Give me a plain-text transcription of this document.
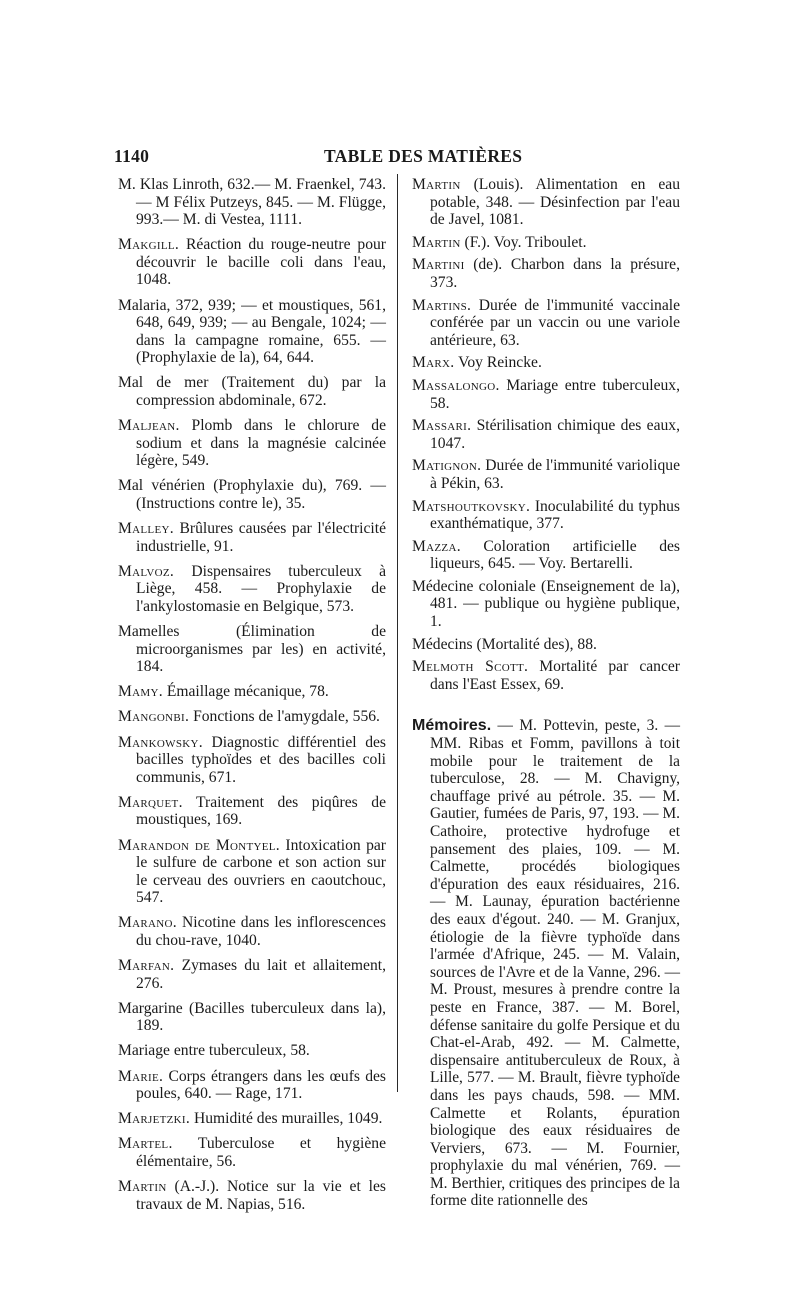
1140	TABLE DES MATIÈRES
M. Klas Linroth, 632.— M. Fraenkel, 743. — M Félix Putzeys, 845. — M. Flügge, 993.— M. di Vestea, 1111.
Makgill. Réaction du rouge-neutre pour découvrir le bacille coli dans l'eau, 1048.
Malaria, 372, 939; — et moustiques, 561, 648, 649, 939; — au Bengale, 1024; — dans la campagne romaine, 655. — (Prophylaxie de la), 64, 644.
Mal de mer (Traitement du) par la compression abdominale, 672.
Maljean. Plomb dans le chlorure de sodium et dans la magnésie calcinée légère, 549.
Mal vénérien (Prophylaxie du), 769. — (Instructions contre le), 35.
Malley. Brûlures causées par l'électricité industrielle, 91.
Malvoz. Dispensaires tuberculeux à Liège, 458. — Prophylaxie de l'ankylostomasie en Belgique, 573.
Mamelles (Élimination de microorganismes par les) en activité, 184.
Mamy. Émaillage mécanique, 78.
Mangonbi. Fonctions de l'amygdale, 556.
Mankowsky. Diagnostic différentiel des bacilles typhoïdes et des bacilles coli communis, 671.
Marquet. Traitement des piqûres de moustiques, 169.
Marandon de Montyel. Intoxication par le sulfure de carbone et son action sur le cerveau des ouvriers en caoutchouc, 547.
Marano. Nicotine dans les inflorescences du chou-rave, 1040.
Marfan. Zymases du lait et allaitement, 276.
Margarine (Bacilles tuberculeux dans la), 189.
Mariage entre tuberculeux, 58.
Marie. Corps étrangers dans les œufs des poules, 640. — Rage, 171.
Marjetzki. Humidité des murailles, 1049.
Martel. Tuberculose et hygiène élémentaire, 56.
Martin (A.-J.). Notice sur la vie et les travaux de M. Napias, 516.
Martin (Louis). Alimentation en eau potable, 348. — Désinfection par l'eau de Javel, 1081.
Martin (F.). Voy. Triboulet.
Martini (de). Charbon dans la présure, 373.
Martins. Durée de l'immunité vaccinale conférée par un vaccin ou une variole antérieure, 63.
Marx. Voy Reincke.
Massalongo. Mariage entre tuberculeux, 58.
Massari. Stérilisation chimique des eaux, 1047.
Matignon. Durée de l'immunité variolique à Pékin, 63.
Matshoutkovsky. Inoculabilité du typhus exanthématique, 377.
Mazza. Coloration artificielle des liqueurs, 645. — Voy. Bertarelli.
Médecine coloniale (Enseignement de la), 481. — publique ou hygiène publique, 1.
Médecins (Mortalité des), 88.
Melmoth Scott. Mortalité par cancer dans l'East Essex, 69.
Mémoires. — M. Pottevin, peste, 3. — MM. Ribas et Fomm, pavillons à toit mobile pour le traitement de la tuberculose, 28. — M. Chavigny, chauffage privé au pétrole. 35. — M. Gautier, fumées de Paris, 97, 193. — M. Cathoire, protective hydrofuge et pansement des plaies, 109. — M. Calmette, procédés biologiques d'épuration des eaux résiduaires, 216. — M. Launay, épuration bactérienne des eaux d'égout. 240. — M. Granjux, étiologie de la fièvre typhoïde dans l'armée d'Afrique, 245. — M. Valain, sources de l'Avre et de la Vanne, 296. — M. Proust, mesures à prendre contre la peste en France, 387. — M. Borel, défense sanitaire du golfe Persique et du Chat-el-Arab, 492. — M. Calmette, dispensaire antituberculeux de Roux, à Lille, 577. — M. Brault, fièvre typhoïde dans les pays chauds, 598. — MM. Calmette et Rolants, épuration biologique des eaux résiduaires de Verviers, 673. — M. Fournier, prophylaxie du mal vénérien, 769. — M. Berthier, critiques des principes de la forme dite rationnelle des
